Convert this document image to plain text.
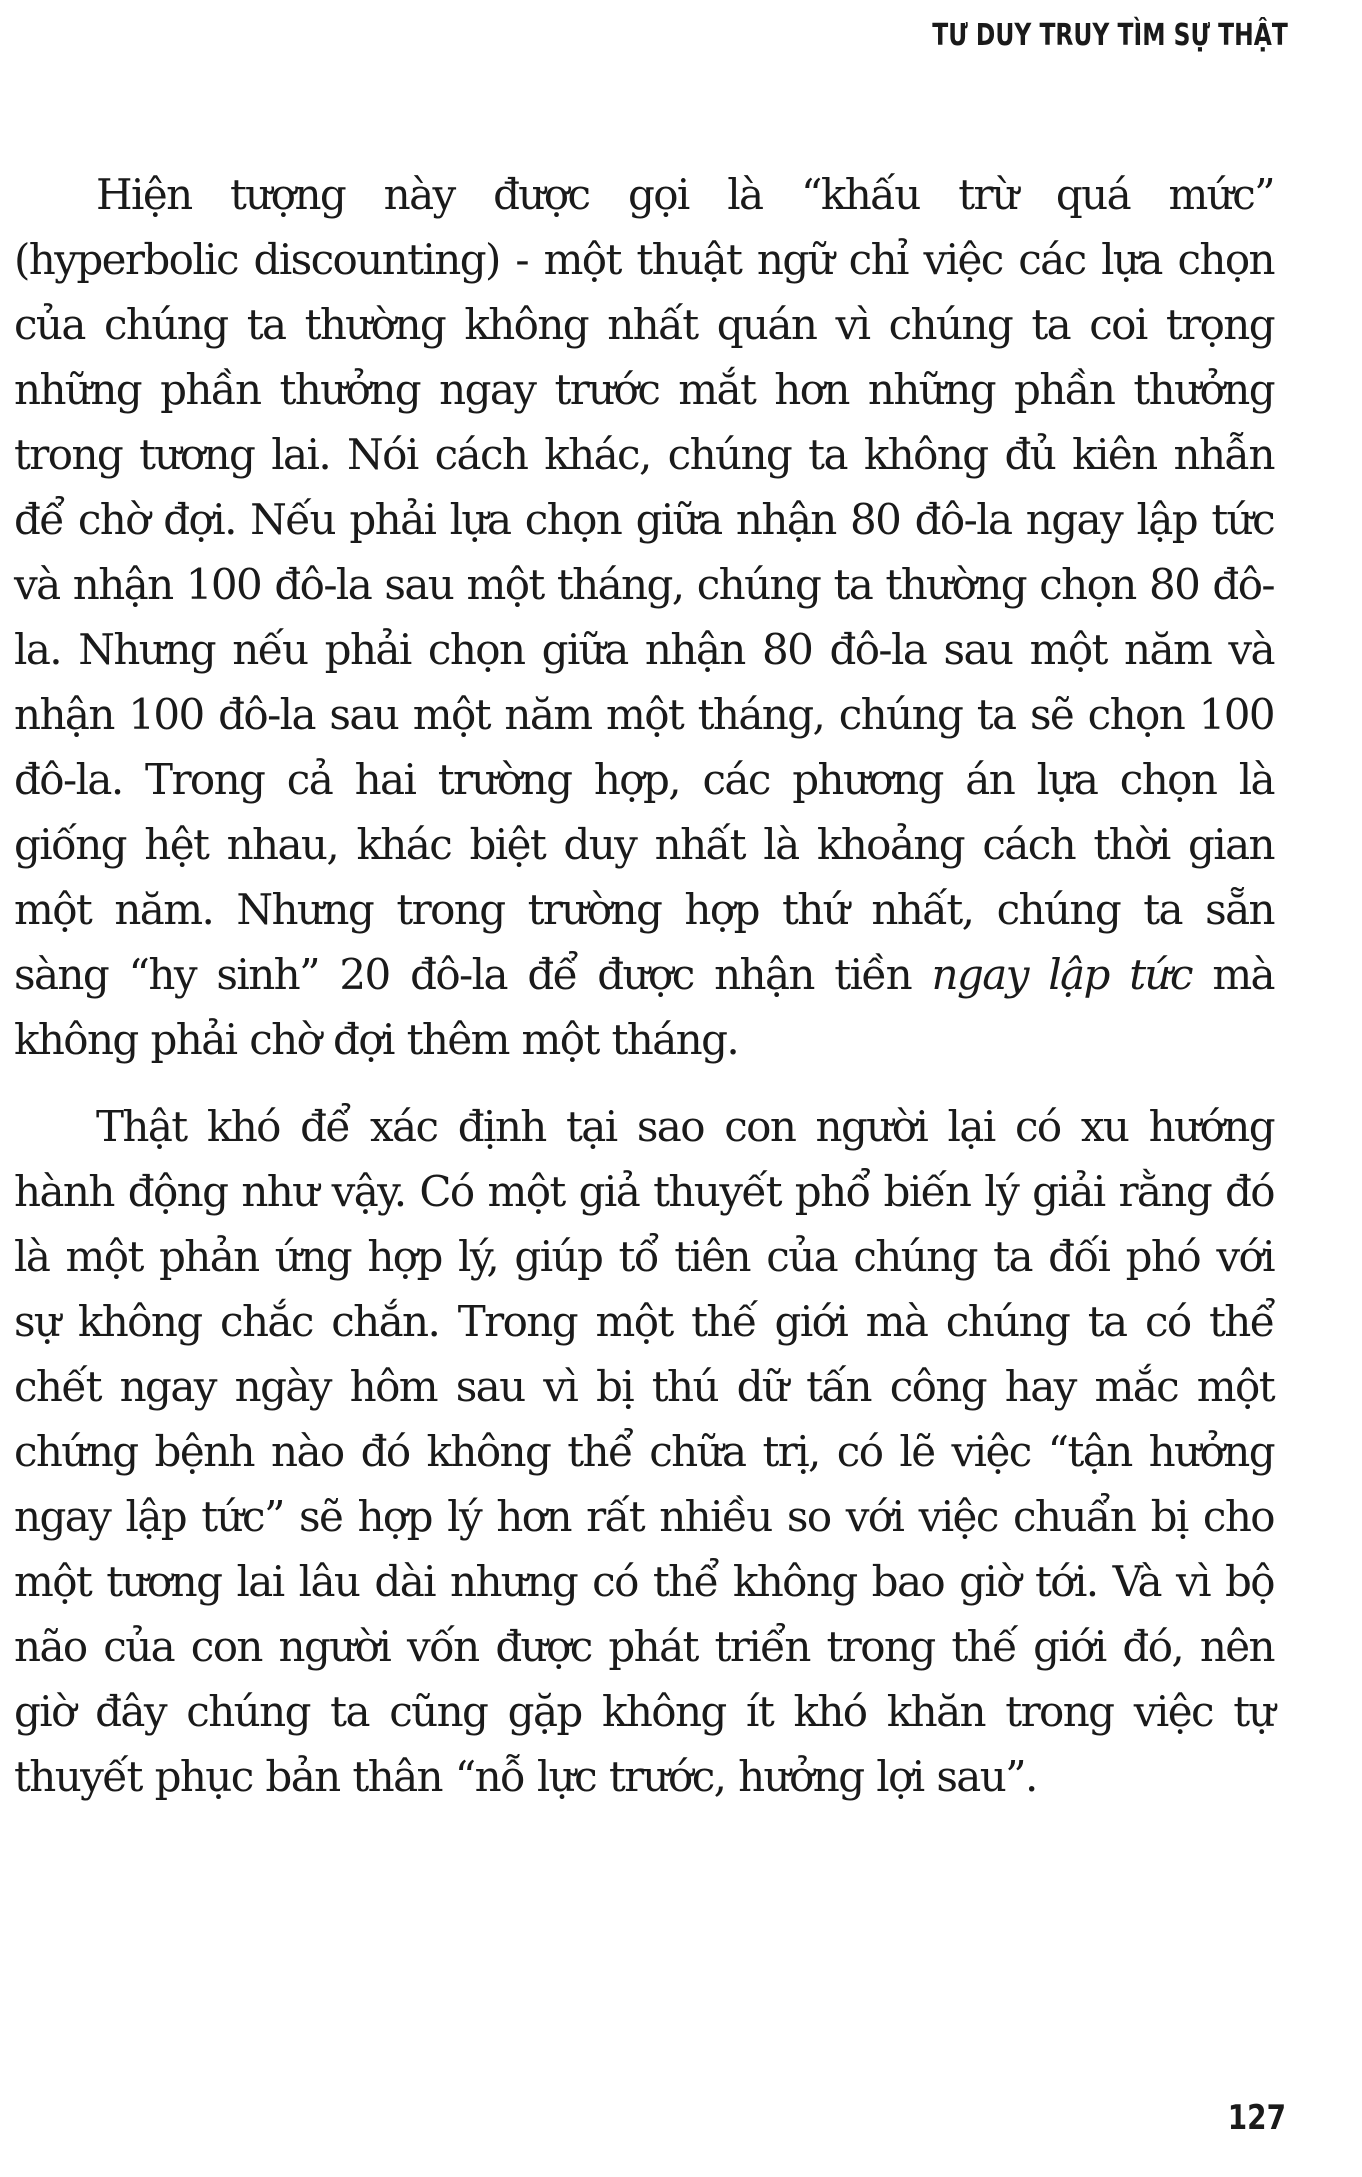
TƯ DUY TRUY TÌM SỰ THẬT

Hiện tượng này được gọi là “khấu trừ quá mức” (hyperbolic discounting) - một thuật ngữ chỉ việc các lựa chọn của chúng ta thường không nhất quán vì chúng ta coi trọng những phần thưởng ngay trước mắt hơn những phần thưởng trong tương lai. Nói cách khác, chúng ta không đủ kiên nhẫn để chờ đợi. Nếu phải lựa chọn giữa nhận 80 đô-la ngay lập tức và nhận 100 đô-la sau một tháng, chúng ta thường chọn 80 đô-la. Nhưng nếu phải chọn giữa nhận 80 đô-la sau một năm và nhận 100 đô-la sau một năm một tháng, chúng ta sẽ chọn 100 đô-la. Trong cả hai trường hợp, các phương án lựa chọn là giống hệt nhau, khác biệt duy nhất là khoảng cách thời gian một năm. Nhưng trong trường hợp thứ nhất, chúng ta sẵn sàng “hy sinh” 20 đô-la để được nhận tiền ngay lập tức mà không phải chờ đợi thêm một tháng.

Thật khó để xác định tại sao con người lại có xu hướng hành động như vậy. Có một giả thuyết phổ biến lý giải rằng đó là một phản ứng hợp lý, giúp tổ tiên của chúng ta đối phó với sự không chắc chắn. Trong một thế giới mà chúng ta có thể chết ngay ngày hôm sau vì bị thú dữ tấn công hay mắc một chứng bệnh nào đó không thể chữa trị, có lẽ việc “tận hưởng ngay lập tức” sẽ hợp lý hơn rất nhiều so với việc chuẩn bị cho một tương lai lâu dài nhưng có thể không bao giờ tới. Và vì bộ não của con người vốn được phát triển trong thế giới đó, nên giờ đây chúng ta cũng gặp không ít khó khăn trong việc tự thuyết phục bản thân “nỗ lực trước, hưởng lợi sau”.

127
